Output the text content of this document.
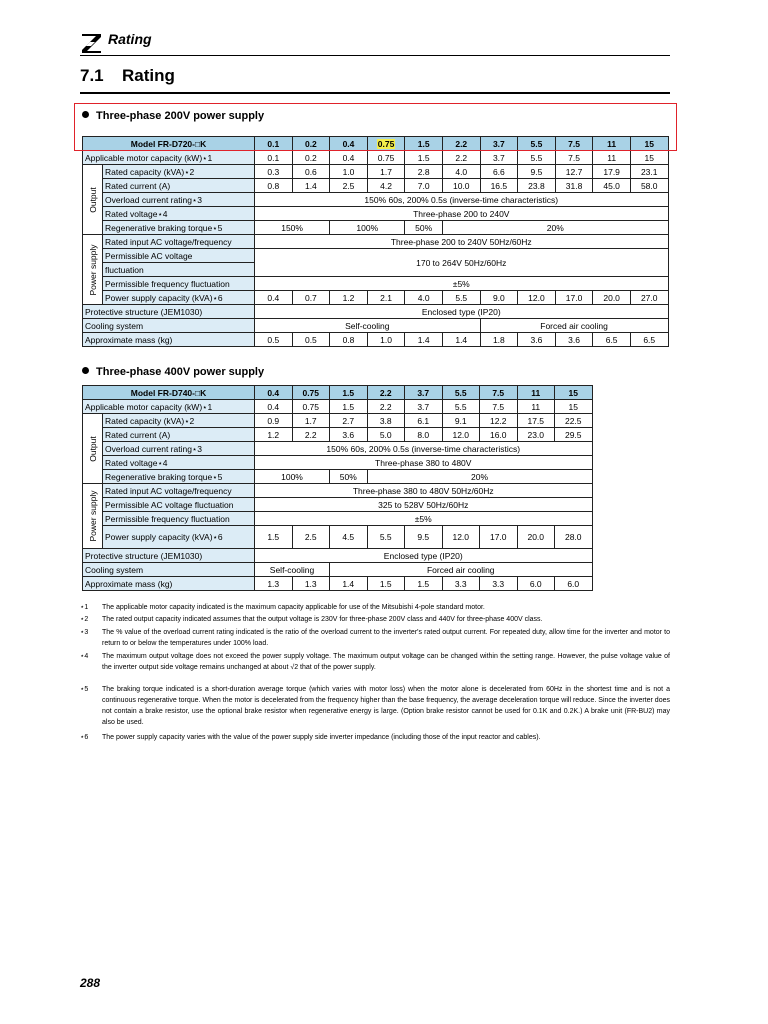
Rating
7.1 Rating
Three-phase 200V power supply
Model FR-D720-□K		0.1	0.2	0.4	0.75	1.5	2.2	3.7	5.5	7.5	11	15
Applicable motor capacity (kW)⋆1		0.1	0.2	0.4	0.75	1.5	2.2	3.7	5.5	7.5	11	15

Output	Rated capacity (kVA)⋆2	0.3	0.6	1.0	1.7	2.8	4.0	6.6	9.5	12.7	17.9	23.1
	Rated current (A)	0.8	1.4	2.5	4.2	7.0	10.0	16.5	23.8	31.8	45.0	58.0
	Overload current rating⋆3	150% 60s, 200% 0.5s (inverse-time characteristics)										
	Rated voltage⋆4	Three-phase 200 to 240V										
	Regenerative braking torque⋆5	150%		100%		50%	20%					

Power supply	Rated input AC voltage/frequency	Three-phase 200 to 240V 50Hz/60Hz										
	Permissible AC voltage	170 to 264V 50Hz/60Hz										
	fluctuation											
	Permissible frequency fluctuation	±5%										
	Power supply capacity (kVA)⋆6	0.4	0.7	1.2	2.1	4.0	5.5	9.0	12.0	17.0	20.0	27.0
Protective structure (JEM1030)		Enclosed type (IP20)										
Cooling system		Self-cooling						Forced air cooling				
Approximate mass (kg)		0.5	0.5	0.8	1.0	1.4	1.4	1.8	3.6	3.6	6.5	6.5
Three-phase 400V power supply
Model FR-D740-□K		0.4	0.75	1.5	2.2	3.7	5.5	7.5	11	15
Applicable motor capacity (kW)⋆1		0.4	0.75	1.5	2.2	3.7	5.5	7.5	11	15

Output	Rated capacity (kVA)⋆2	0.9	1.7	2.7	3.8	6.1	9.1	12.2	17.5	22.5
	Rated current (A)	1.2	2.2	3.6	5.0	8.0	12.0	16.0	23.0	29.5
	Overload current rating⋆3	150% 60s, 200% 0.5s (inverse-time characteristics)								
	Rated voltage⋆4	Three-phase 380 to 480V								
	Regenerative braking torque⋆5	100%		50%	20%					

Power supply	Rated input AC voltage/frequency	Three-phase 380 to 480V 50Hz/60Hz								
	Permissible AC voltage fluctuation	325 to 528V 50Hz/60Hz								
	Permissible frequency fluctuation	±5%								
	Power supply capacity (kVA)⋆6	1.5	2.5	4.5	5.5	9.5	12.0	17.0	20.0	28.0
Protective structure (JEM1030)		Enclosed type (IP20)								
Cooling system		Self-cooling		Forced air cooling						
Approximate mass (kg)		1.3	1.3	1.4	1.5	1.5	3.3	3.3	6.0	6.0
⋆1 The applicable motor capacity indicated is the maximum capacity applicable for use of the Mitsubishi 4-pole standard motor.
⋆2 The rated output capacity indicated assumes that the output voltage is 230V for three-phase 200V class and 440V for three-phase 400V class.
⋆3 The % value of the overload current rating indicated is the ratio of the overload current to the inverter's rated output current. For repeated duty, allow time for the inverter and motor to return to or below the temperatures under 100% load.
⋆4 The maximum output voltage does not exceed the power supply voltage. The maximum output voltage can be changed within the setting range. However, the pulse voltage value of the inverter output side voltage remains unchanged at about √2 that of the power supply.
⋆5 The braking torque indicated is a short-duration average torque (which varies with motor loss) when the motor alone is decelerated from 60Hz in the shortest time and is not a continuous regenerative torque. When the motor is decelerated from the frequency higher than the base frequency, the average deceleration torque will reduce. Since the inverter does not contain a brake resistor, use the optional brake resistor when regenerative energy is large. (Option brake resistor cannot be used for 0.1K and 0.2K.) A brake unit (FR-BU2) may also be used.
⋆6 The power supply capacity varies with the value of the power supply side inverter impedance (including those of the input reactor and cables).
288
